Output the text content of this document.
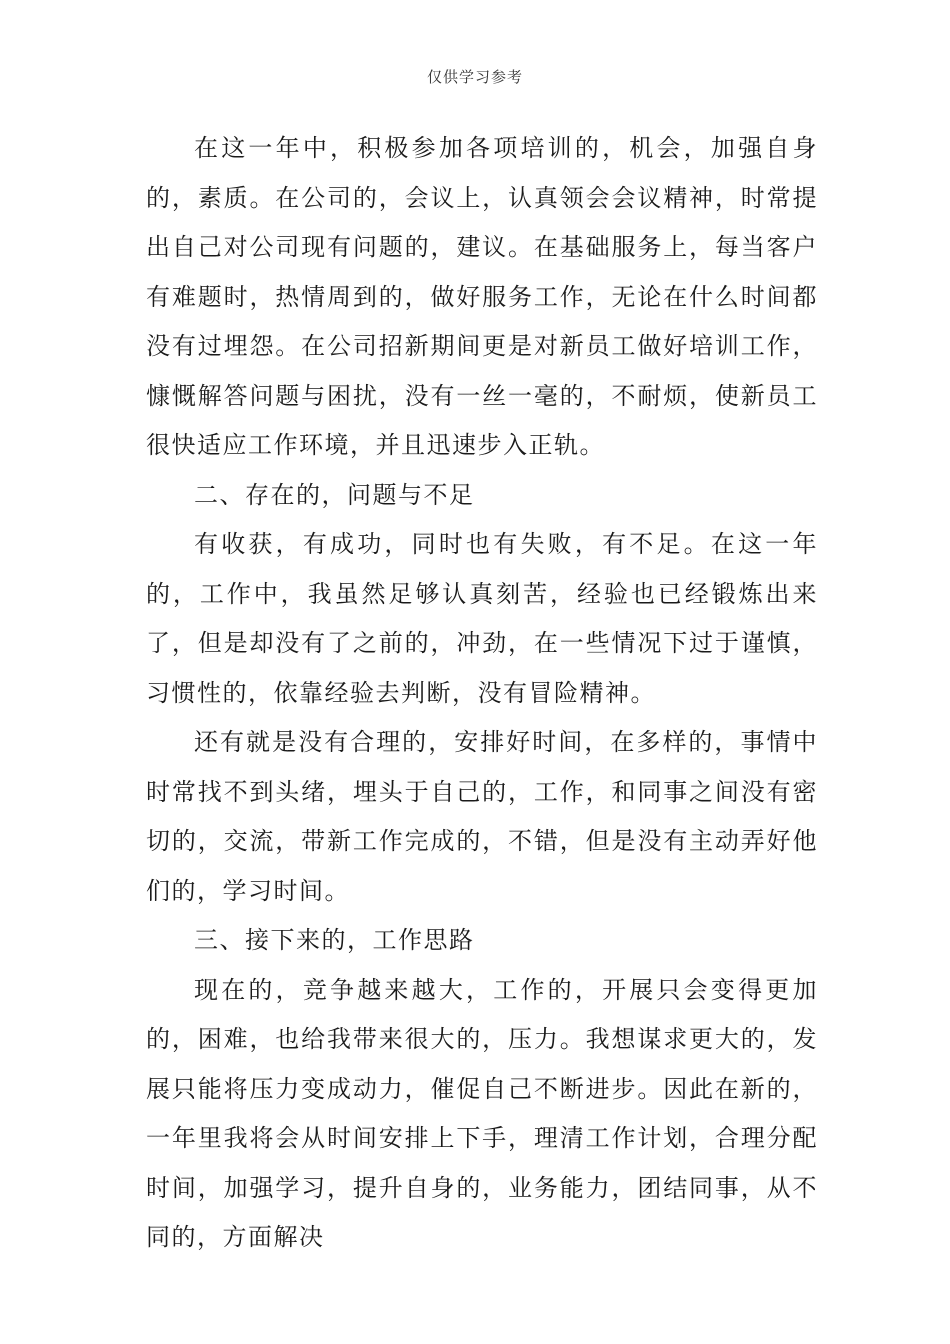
仅供学习参考

在这一年中，积极参加各项培训的，机会，加强自身的，素质。在公司的，会议上，认真领会会议精神，时常提出自己对公司现有问题的，建议。在基础服务上，每当客户有难题时，热情周到的，做好服务工作，无论在什么时间都没有过埋怨。在公司招新期间更是对新员工做好培训工作，慷慨解答问题与困扰，没有一丝一毫的，不耐烦，使新员工很快适应工作环境，并且迅速步入正轨。

二、存在的，问题与不足

有收获，有成功，同时也有失败，有不足。在这一年的，工作中，我虽然足够认真刻苦，经验也已经锻炼出来了，但是却没有了之前的，冲劲，在一些情况下过于谨慎，习惯性的，依靠经验去判断，没有冒险精神。

还有就是没有合理的，安排好时间，在多样的，事情中时常找不到头绪，埋头于自己的，工作，和同事之间没有密切的，交流，带新工作完成的，不错，但是没有主动弄好他们的，学习时间。

三、接下来的，工作思路

现在的，竞争越来越大，工作的，开展只会变得更加的，困难，也给我带来很大的，压力。我想谋求更大的，发展只能将压力变成动力，催促自己不断进步。因此在新的，一年里我将会从时间安排上下手，理清工作计划，合理分配时间，加强学习，提升自身的，业务能力，团结同事，从不同的，方面解决
